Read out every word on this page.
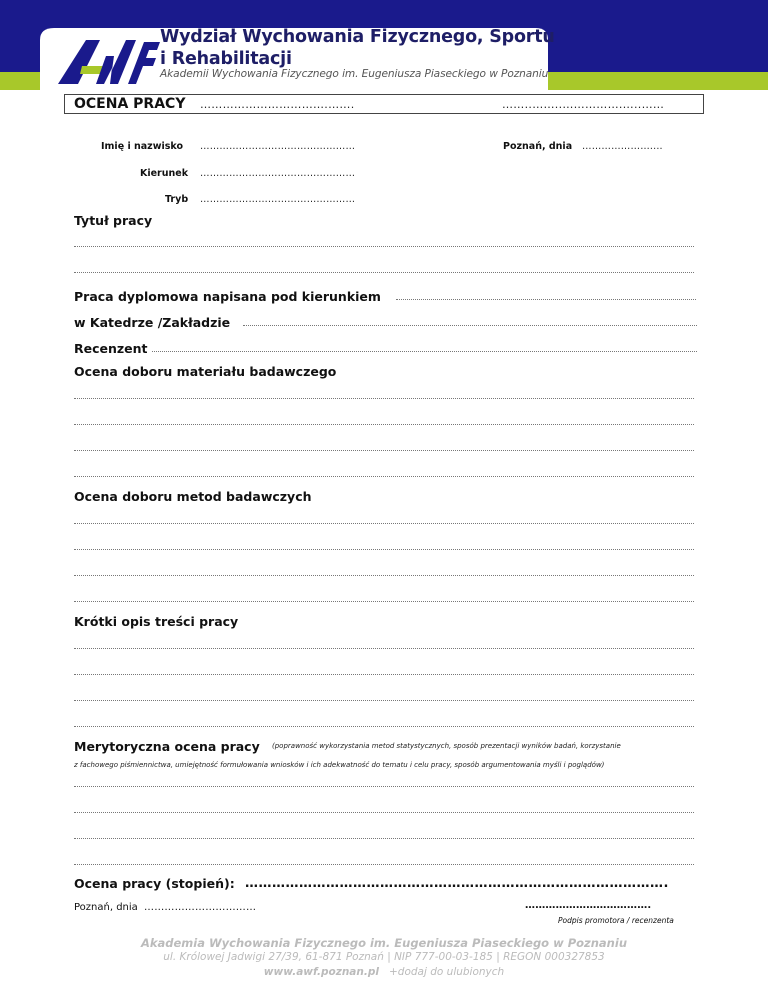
Wydział Wychowania Fizycznego, Sportu
i Rehabilitacji
Akademii Wychowania Fizycznego im. Eugeniusza Piaseckiego w Poznaniu
OCENA PRACY …………………………….…….	……..……..…………….…..……
Imię i nazwisko …………………………………………	Poznań, dnia …………………....
Kierunek …………………………………………
Tryb …………………………………………
Tytuł pracy
Praca dyplomowa napisana pod kierunkiem
w Katedrze /Zakładzie
Recenzent
Ocena doboru materiału badawczego
Ocena doboru metod badawczych
Krótki opis treści pracy
Merytoryczna ocena pracy (poprawność wykorzystania metod statystycznych, sposób prezentacji wyników badań, korzystanie
z fachowego piśmiennictwa, umiejętność formułowania wniosków i ich adekwatność do tematu i celu pracy, sposób argumentowania myśli i poglądów)
Ocena pracy (stopień): ………………………………………………………………………………….
Poznań, dnia ……………………………	……………………………….
Podpis promotora / recenzenta
Akademia Wychowania Fizycznego im. Eugeniusza Piaseckiego w Poznaniu
ul. Królowej Jadwigi 27/39, 61-871 Poznań | NIP 777-00-03-185 | REGON 000327853
www.awf.poznan.pl +dodaj do ulubionych
